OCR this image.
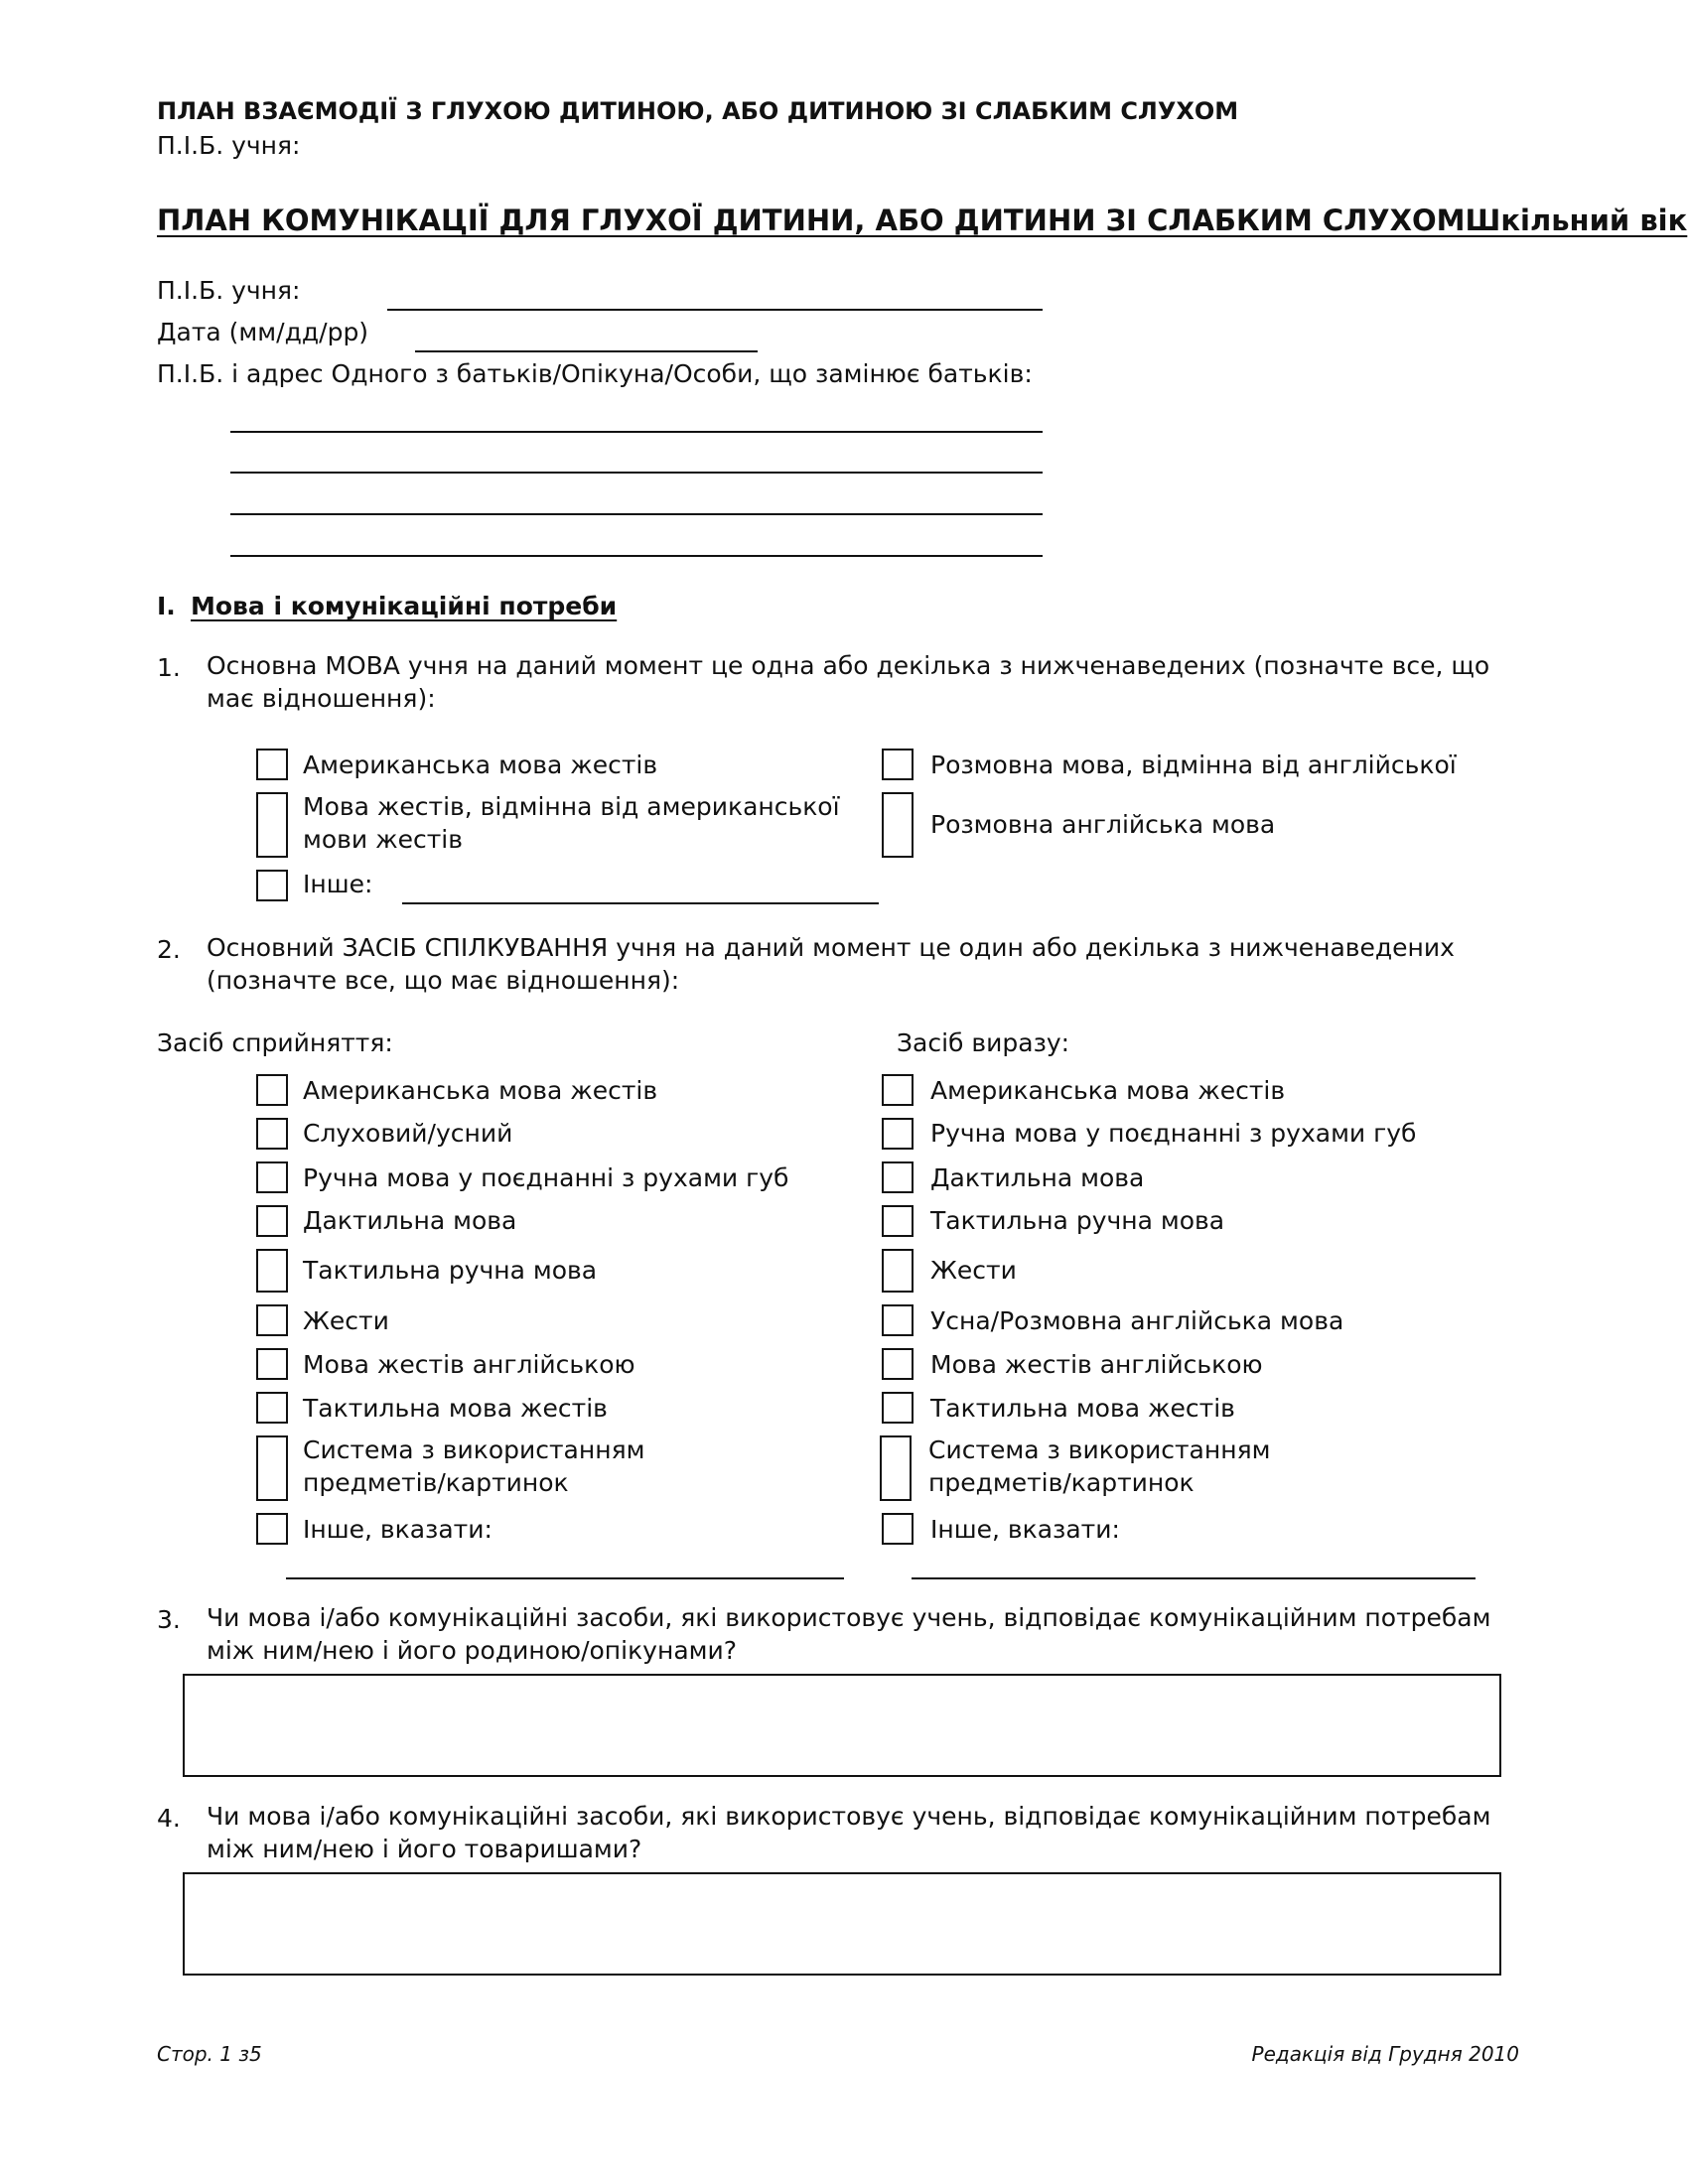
ПЛАН ВЗАЄМОДІЇ З ГЛУХОЮ ДИТИНОЮ, АБО ДИТИНОЮ ЗІ СЛАБКИМ СЛУХОМ
П.І.Б. учня:
ПЛАН КОМУНІКАЦІЇ ДЛЯ ГЛУХОЇ ДИТИНИ, АБО ДИТИНИ ЗІ СЛАБКИМ СЛУХОМШкільний вік
П.І.Б. учня:
Дата (мм/дд/рр)
П.І.Б. і адрес Одного з батьків/Опікуна/Особи, що замінює батьків:
I. Мова і комунікаційні потреби
1. Основна МОВА учня на даний момент це одна або декілька з нижченаведених (позначте все, що має відношення):
Американська мова жестів
Мова жестів, відмінна від американської мови жестів
Інше:
Розмовна мова, відмінна від англійської
Розмовна англійська мова
2. Основний ЗАСІБ СПІЛКУВАННЯ учня на даний момент це один або декілька з нижченаведених (позначте все, що має відношення):
Засіб сприйняття:	Засіб виразу:
Американська мова жестів
Слуховий/усний
Ручна мова у поєднанні з рухами губ
Дактильна мова
Тактильна ручна мова
Жести
Мова жестів англійською
Тактильна мова жестів
Система з використанням предметів/картинок
Інше, вказати:
Американська мова жестів
Ручна мова у поєднанні з рухами губ
Дактильна мова
Тактильна ручна мова
Жести
Усна/Розмовна англійська мова
Мова жестів англійською
Тактильна мова жестів
Система з використанням предметів/картинок
Інше, вказати:
3. Чи мова і/або комунікаційні засоби, які використовує учень, відповідає комунікаційним потребам між ним/нею і його родиною/опікунами?
4. Чи мова і/або комунікаційні засоби, які використовує учень, відповідає комунікаційним потребам між ним/нею і його товаришами?
Стор. 1 з5	Редакція від Грудня 2010
